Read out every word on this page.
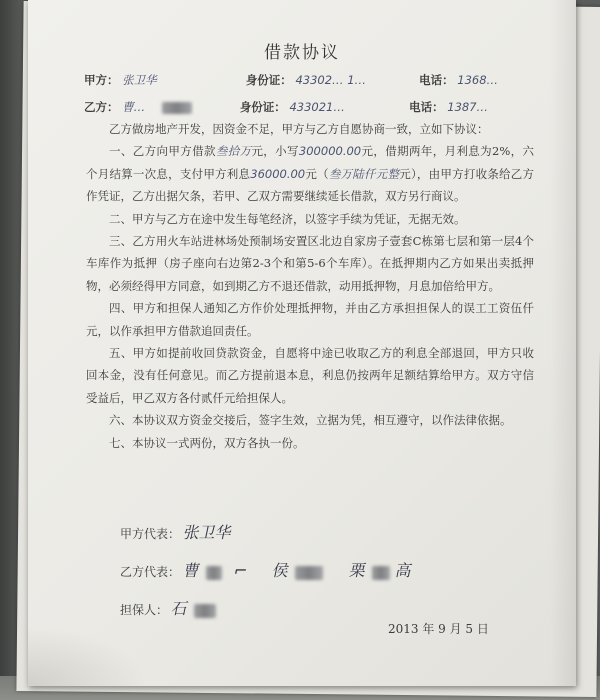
借款协议
甲方： 张卫华	身份证： 43302… 1…	电话： 1368…
乙方： 曹…	身份证： 433021…	电话： 1387…

乙方做房地产开发，因资金不足，甲方与乙方自愿协商一致，立如下协议：

一、乙方向甲方借款叁拾万元，小写300000.00元，借期两年，月利息为2%，六个月结算一次息，支付甲方利息36000.00元（叁万陆仟元整元），由甲方打收条给乙方作凭证，乙方出据欠条，若甲、乙双方需要继续延长借款，双方另行商议。

二、甲方与乙方在途中发生每笔经济，以签字手续为凭证，无据无效。

三、乙方用火车站进林场处预制场安置区北边自家房子壹套C栋第七层和第一层4个车库作为抵押（房子座向右边第2-3个和第5-6个车库）。在抵押期内乙方如果出卖抵押物，必须经得甲方同意，如到期乙方不退还借款，动用抵押物，月息加倍给甲方。

四、甲方和担保人通知乙方作价处理抵押物，并由乙方承担担保人的误工工资伍仟元，以作承担甲方借款追回责任。

五、甲方如提前收回贷款资金，自愿将中途已收取乙方的利息全部退回，甲方只收回本金，没有任何意见。而乙方提前退本息，利息仍按两年足额结算给甲方。双方守信受益后，甲乙双方各付贰仟元给担保人。

六、本协议双方资金交接后，签字生效，立据为凭，相互遵守，以作法律依据。

七、本协议一式两份，双方各执一份。

甲方代表： 张卫华
乙方代表： 曹 ⌐ 侯	栗 高
担保人： 石
2013 年 9 月 5 日
